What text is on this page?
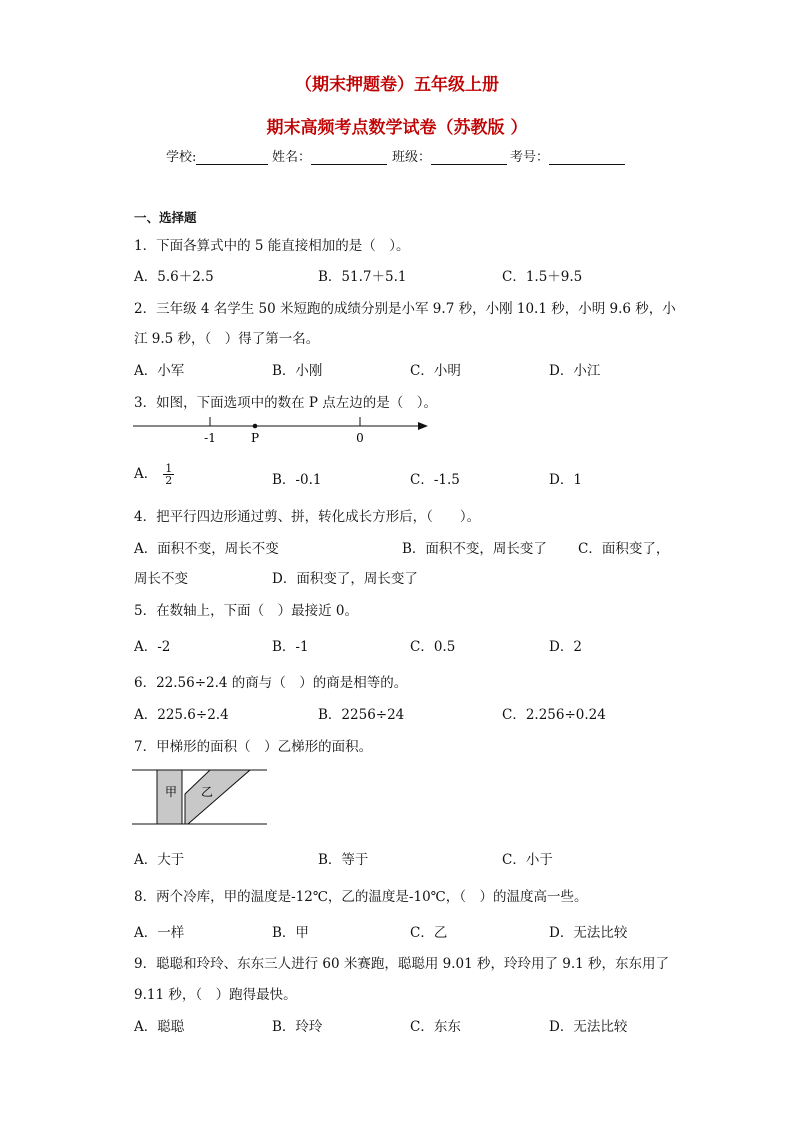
（期末押题卷）五年级上册
期末高频考点数学试卷（苏教版 ）
学校:	姓名：	班级：	考号：
一、选择题
1．下面各算式中的 5 能直接相加的是（　）。
A．5.6＋2.5	B．51.7＋5.1	C．1.5＋9.5
2．三年级 4 名学生 50 米短跑的成绩分别是小军 9.7 秒，小刚 10.1 秒，小明 9.6 秒，小
江 9.5 秒，（　）得了第一名。
A．小军	B．小刚	C．小明	D．小江
3．如图，下面选项中的数在 P 点左边的是（　）。
-1	P	0
A． $\frac{1}{2}$	B．-0.1	C．-1.5	D．1
4．把平行四边形通过剪、拼，转化成长方形后，（　　）。
A．面积不变，周长不变	B．面积不变，周长变了 C．面积变了，
周长不变	D．面积变了，周长变了
5．在数轴上，下面（　）最接近 0。
A．-2	B．-1	C．0.5	D．2
6．22.56÷2.4 的商与（　）的商是相等的。
A．225.6÷2.4	B．2256÷24	C．2.256÷0.24
7．甲梯形的面积（　）乙梯形的面积。
甲 乙
A．大于	B．等于	C．小于
8．两个冷库，甲的温度是-12℃，乙的温度是-10℃，（　）的温度高一些。
A．一样	B．甲	C．乙	D．无法比较
9．聪聪和玲玲、东东三人进行 60 米赛跑，聪聪用 9.01 秒，玲玲用了 9.1 秒，东东用了
9.11 秒，（　）跑得最快。
A．聪聪	B．玲玲	C．东东	D．无法比较
